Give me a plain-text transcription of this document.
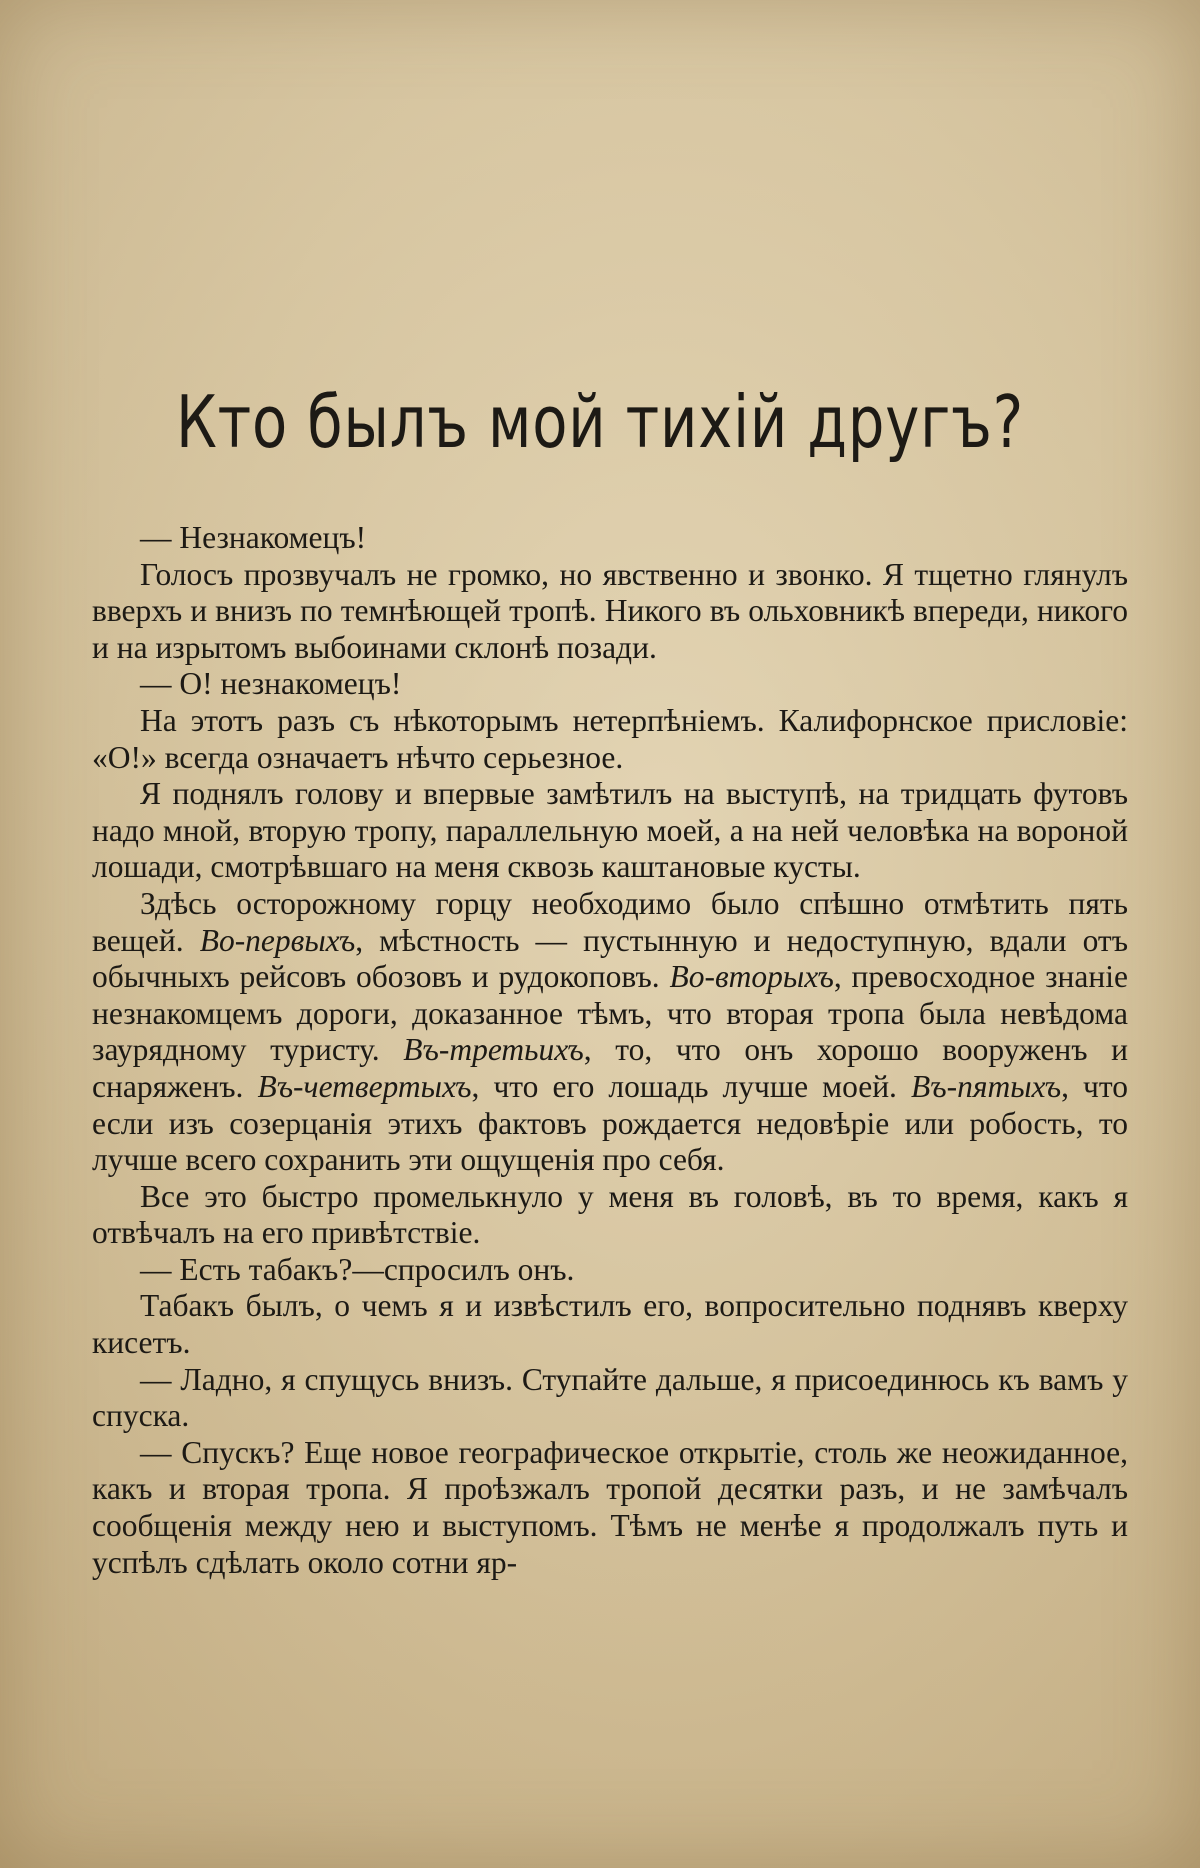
Кто былъ мой тихій другъ?

— Незнакомецъ!

Голосъ прозвучалъ не громко, но явственно и звонко. Я тщетно глянулъ вверхъ и внизъ по темнѣющей тропѣ. Никого въ ольховникѣ впереди, никого и на изрытомъ выбоинами склонѣ позади.

— О! незнакомецъ!

На этотъ разъ съ нѣкоторымъ нетерпѣніемъ. Калифорнское присловіе: «О!» всегда означаетъ нѣчто серьезное.

Я поднялъ голову и впервые замѣтилъ на выступѣ, на тридцать футовъ надо мной, вторую тропу, параллельную моей, а на ней человѣка на вороной лошади, смотрѣвшаго на меня сквозь каштановые кусты.

Здѣсь осторожному горцу необходимо было спѣшно отмѣтить пять вещей. Во-первыхъ, мѣстность — пустынную и недоступную, вдали отъ обычныхъ рейсовъ обозовъ и рудокоповъ. Во-вторыхъ, превосходное знаніе незнакомцемъ дороги, доказанное тѣмъ, что вторая тропа была невѣдома заурядному туристу. Въ-третьихъ, то, что онъ хорошо вооруженъ и снаряженъ. Въ-четвертыхъ, что его лошадь лучше моей. Въ-пятыхъ, что если изъ созерцанія этихъ фактовъ рождается недовѣріе или робость, то лучше всего сохранить эти ощущенія про себя.

Все это быстро промелькнуло у меня въ головѣ, въ то время, какъ я отвѣчалъ на его привѣтствіе.

— Есть табакъ?—спросилъ онъ.

Табакъ былъ, о чемъ я и извѣстилъ его, вопросительно поднявъ кверху кисетъ.

— Ладно, я спущусь внизъ. Ступайте дальше, я присоединюсь къ вамъ у спуска.

— Спускъ? Еще новое географическое открытіе, столь же неожиданное, какъ и вторая тропа. Я проѣзжалъ тропой десятки разъ, и не замѣчалъ сообщенія между нею и выступомъ. Тѣмъ не менѣе я продолжалъ путь и успѣлъ сдѣлать около сотни яр-
